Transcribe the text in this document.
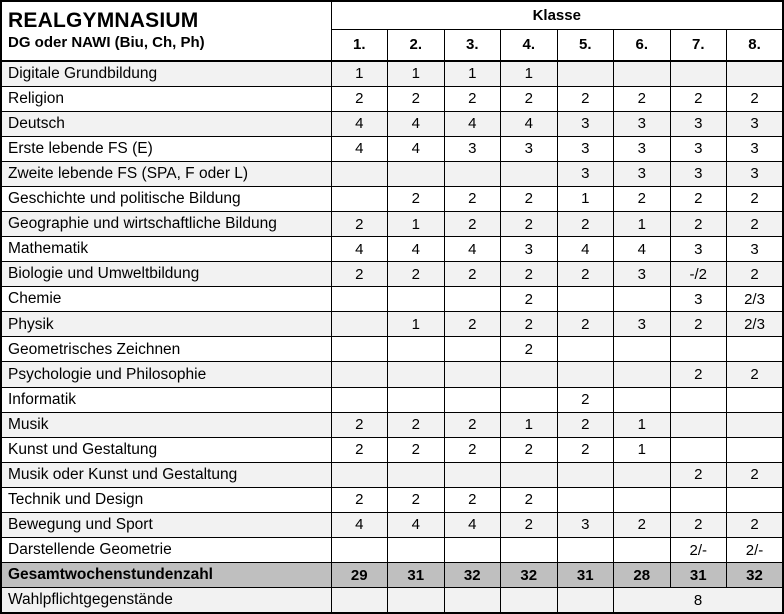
REALGYMNASIUM
DG oder NAWI (Biu, Ch, Ph)	Klasse							
	1.	2.	3.	4.	5.	6.	7.	8.
Digitale Grundbildung	1	1	1	1				
Religion	2	2	2	2	2	2	2	2
Deutsch	4	4	4	4	3	3	3	3
Erste lebende FS (E)	4	4	3	3	3	3	3	3
Zweite lebende FS (SPA, F oder L)					3	3	3	3
Geschichte und politische Bildung		2	2	2	1	2	2	2
Geographie und wirtschaftliche Bildung	2	1	2	2	2	1	2	2
Mathematik	4	4	4	3	4	4	3	3
Biologie und Umweltbildung	2	2	2	2	2	3	-/2	2
Chemie				2			3	2/3
Physik		1	2	2	2	3	2	2/3
Geometrisches Zeichnen				2				
Psychologie und Philosophie							2	2
Informatik					2			
Musik	2	2	2	1	2	1		
Kunst und Gestaltung	2	2	2	2	2	1		
Musik oder Kunst und Gestaltung							2	2
Technik und Design	2	2	2	2				
Bewegung und Sport	4	4	4	2	3	2	2	2
Darstellende Geometrie							2/-	2/-
Gesamtwochenstundenzahl	29	31	32	32	31	28	31	32
Wahlpflichtgegenstände						8		
